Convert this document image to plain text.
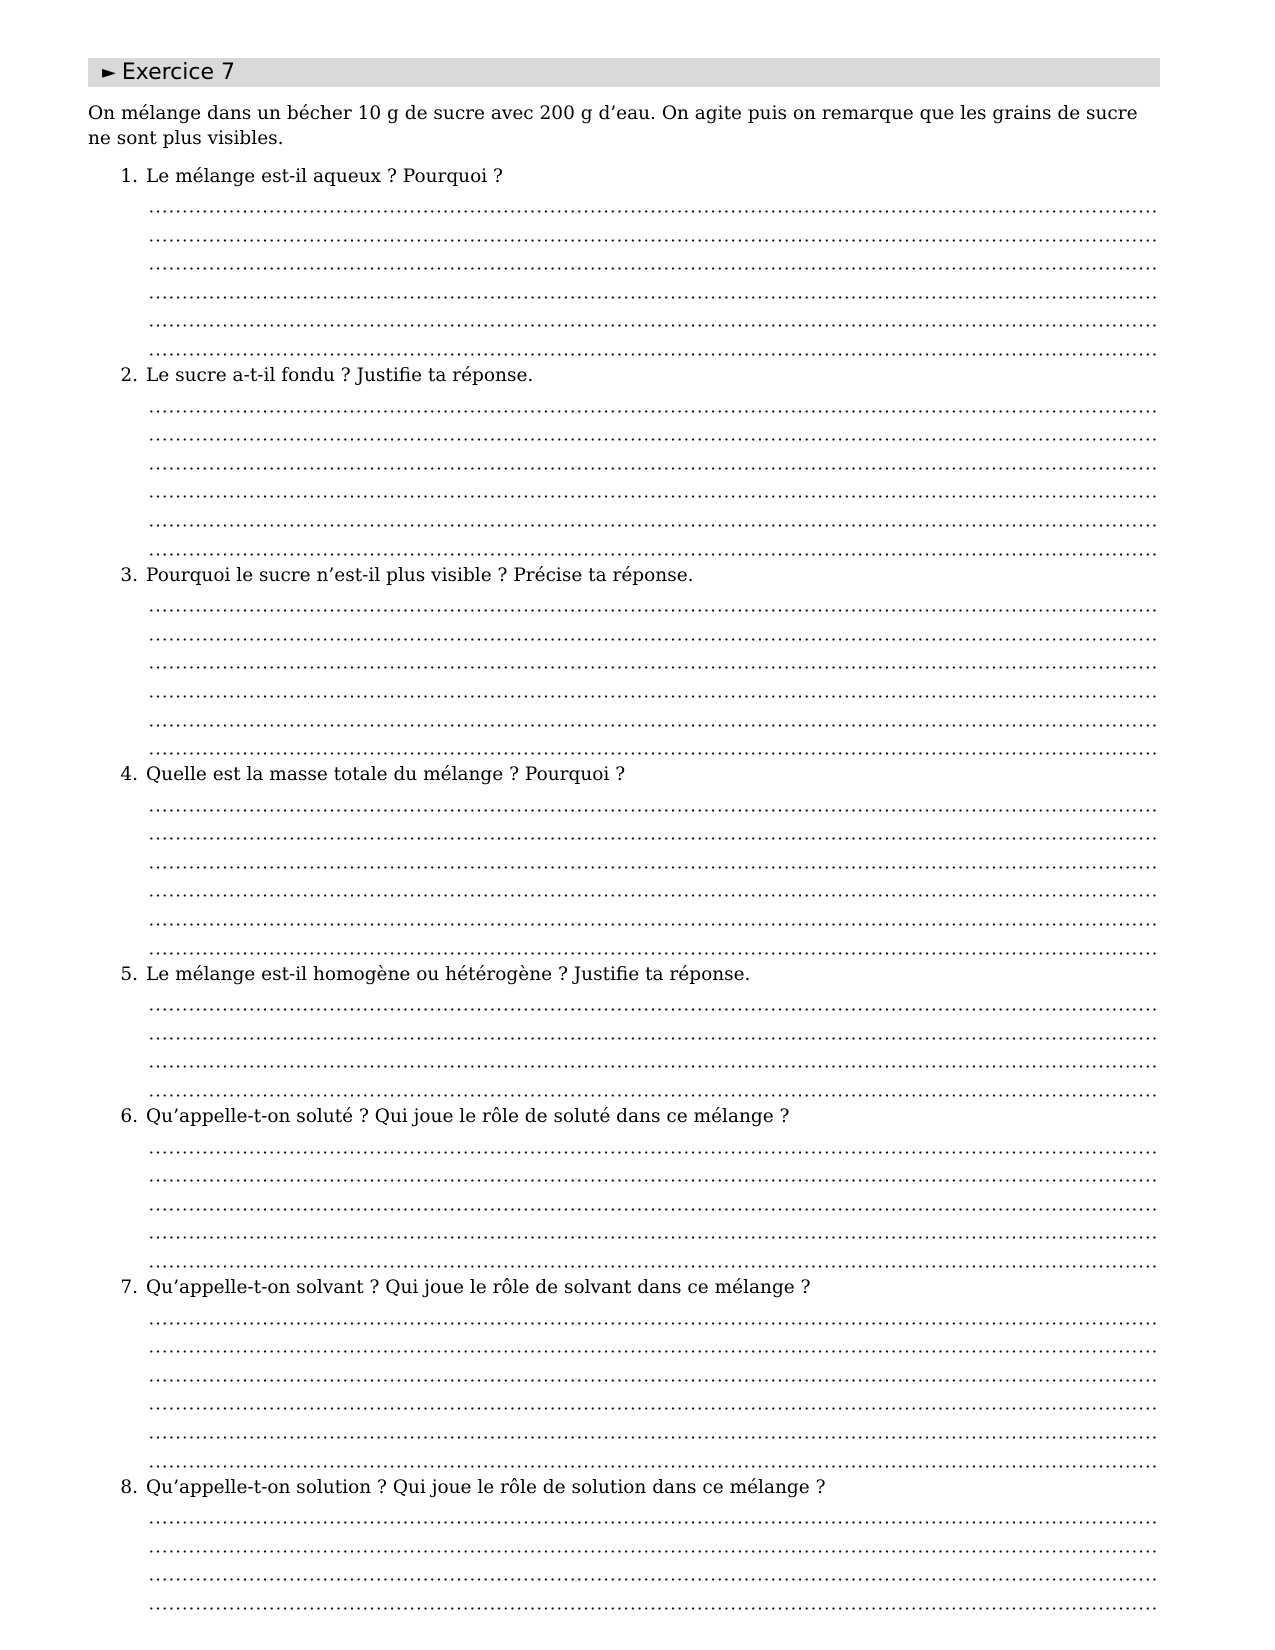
► Exercice 7

On mélange dans un bécher 10 g de sucre avec 200 g d’eau. On agite puis on remarque que les grains de sucre ne sont plus visibles.

1. Le mélange est-il aqueux ? Pourquoi ?
2. Le sucre a-t-il fondu ? Justifie ta réponse.
3. Pourquoi le sucre n’est-il plus visible ? Précise ta réponse.
4. Quelle est la masse totale du mélange ? Pourquoi ?
5. Le mélange est-il homogène ou hétérogène ? Justifie ta réponse.
6. Qu’appelle-t-on soluté ? Qui joue le rôle de soluté dans ce mélange ?
7. Qu’appelle-t-on solvant ? Qui joue le rôle de solvant dans ce mélange ?
8. Qu’appelle-t-on solution ? Qui joue le rôle de solution dans ce mélange ?
